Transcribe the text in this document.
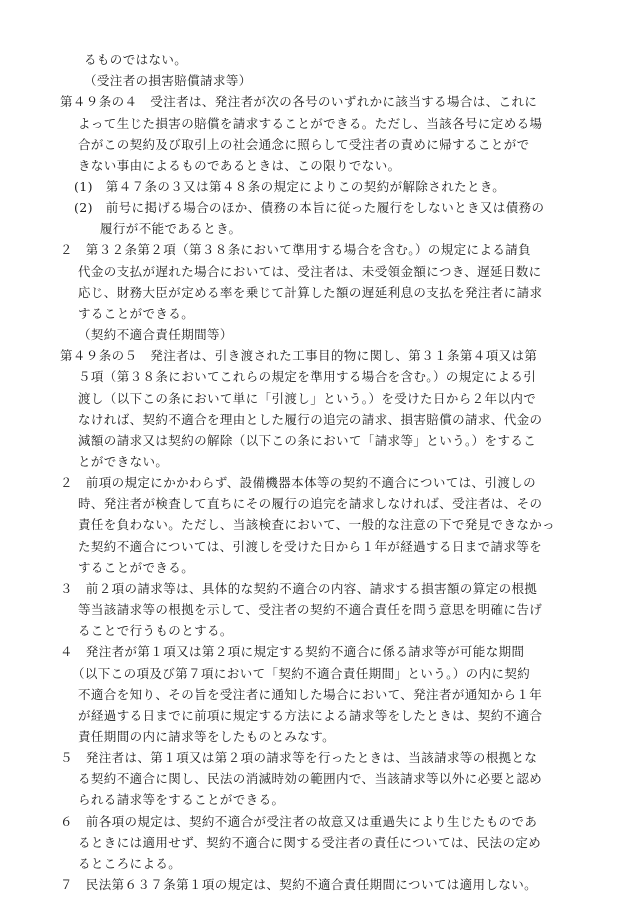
るものではない。
（受注者の損害賠償請求等）
第４９条の４　受注者は、発注者が次の各号のいずれかに該当する場合は、これに
よって生じた損害の賠償を請求することができる。ただし、当該各号に定める場
合がこの契約及び取引上の社会通念に照らして受注者の責めに帰することがで
きない事由によるものであるときは、この限りでない。
(1)　第４７条の３又は第４８条の規定によりこの契約が解除されたとき。
(2)　前号に掲げる場合のほか、債務の本旨に従った履行をしないとき又は債務の
履行が不能であるとき。
２　第３２条第２項（第３８条において準用する場合を含む。）の規定による請負
代金の支払が遅れた場合においては、受注者は、未受領金額につき、遅延日数に
応じ、財務大臣が定める率を乗じて計算した額の遅延利息の支払を発注者に請求
することができる。
（契約不適合責任期間等）
第４９条の５　発注者は、引き渡された工事目的物に関し、第３１条第４項又は第
５項（第３８条においてこれらの規定を準用する場合を含む。）の規定による引
渡し（以下この条において単に「引渡し」という。）を受けた日から２年以内で
なければ、契約不適合を理由とした履行の追完の請求、損害賠償の請求、代金の
減額の請求又は契約の解除（以下この条において「請求等」という。）をするこ
とができない。
２　前項の規定にかかわらず、設備機器本体等の契約不適合については、引渡しの
時、発注者が検査して直ちにその履行の追完を請求しなければ、受注者は、その
責任を負わない。ただし、当該検査において、一般的な注意の下で発見できなかっ
た契約不適合については、引渡しを受けた日から１年が経過する日まで請求等を
することができる。
３　前２項の請求等は、具体的な契約不適合の内容、請求する損害額の算定の根拠
等当該請求等の根拠を示して、受注者の契約不適合責任を問う意思を明確に告げ
ることで行うものとする。
４　発注者が第１項又は第２項に規定する契約不適合に係る請求等が可能な期間
（以下この項及び第７項において「契約不適合責任期間」という。）の内に契約
不適合を知り、その旨を受注者に通知した場合において、発注者が通知から１年
が経過する日までに前項に規定する方法による請求等をしたときは、契約不適合
責任期間の内に請求等をしたものとみなす。
５　発注者は、第１項又は第２項の請求等を行ったときは、当該請求等の根拠とな
る契約不適合に関し、民法の消滅時効の範囲内で、当該請求等以外に必要と認め
られる請求等をすることができる。
６　前各項の規定は、契約不適合が受注者の故意又は重過失により生じたものであ
るときには適用せず、契約不適合に関する受注者の責任については、民法の定め
るところによる。
７　民法第６３７条第１項の規定は、契約不適合責任期間については適用しない。
